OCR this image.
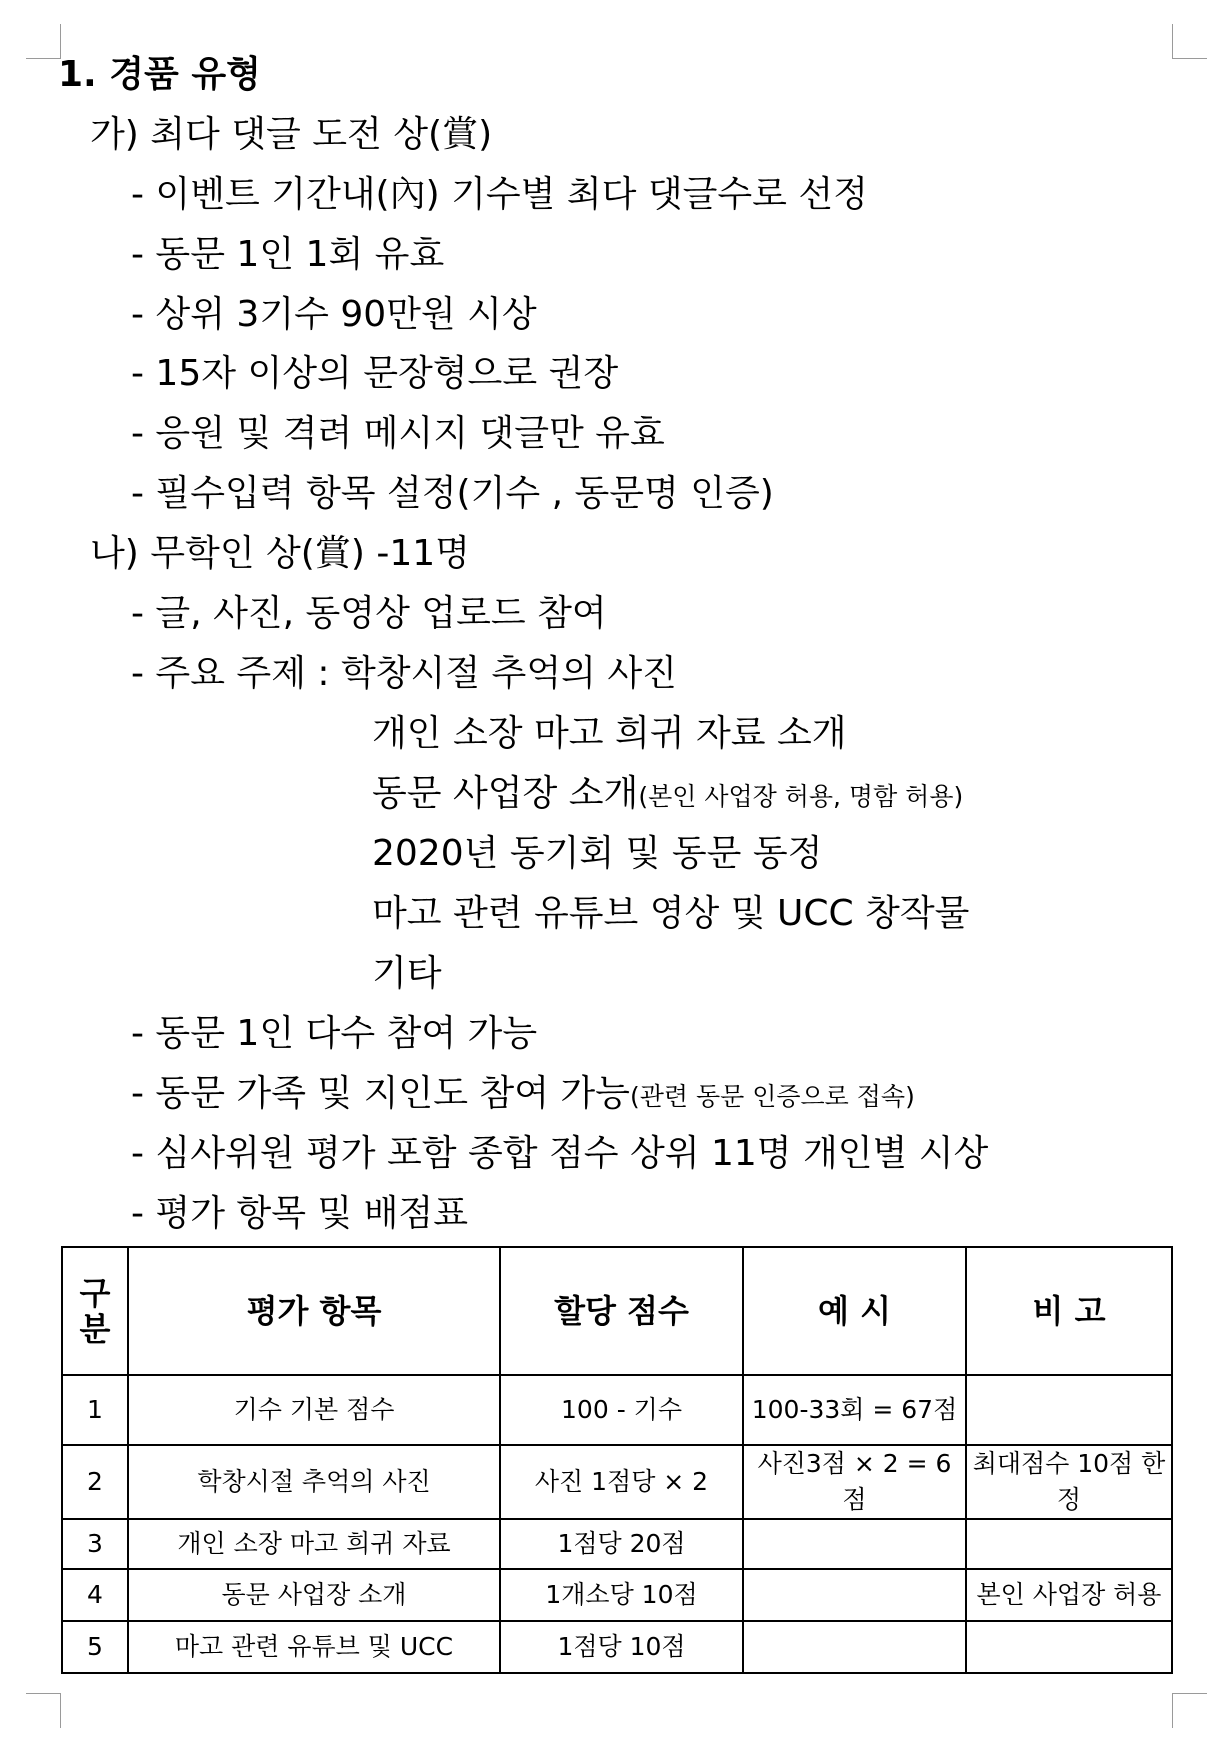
1. 경품 유형
가) 최다 댓글 도전 상(賞)
- 이벤트 기간내(內) 기수별 최다 댓글수로 선정
- 동문 1인 1회 유효
- 상위 3기수 90만원 시상
- 15자 이상의 문장형으로 권장
- 응원 및 격려 메시지 댓글만 유효
- 필수입력 항목 설정(기수 , 동문명 인증)
나) 무학인 상(賞) -11명
- 글, 사진, 동영상 업로드 참여
- 주요 주제 : 학창시절 추억의 사진
개인 소장 마고 희귀 자료 소개
동문 사업장 소개(본인 사업장 허용, 명함 허용)
2020년 동기회 및 동문 동정
마고 관련 유튜브 영상 및 UCC 창작물
기타
- 동문 1인 다수 참여 가능
- 동문 가족 및 지인도 참여 가능(관련 동문 인증으로 접속)
- 심사위원 평가 포함 종합 점수 상위 11명 개인별 시상
- 평가 항목 및 배점표
구
분	평가 항목	할당 점수	예 시	비 고
1	기수 기본 점수	100 - 기수	100-33회 = 67점	
2	학창시절 추억의 사진	사진 1점당 × 2	사진3점 × 2 = 6점	최대점수 10점 한정
3	개인 소장 마고 희귀 자료	1점당 20점		
4	동문 사업장 소개	1개소당 10점		본인 사업장 허용
5	마고 관련 유튜브 및 UCC	1점당 10점		
